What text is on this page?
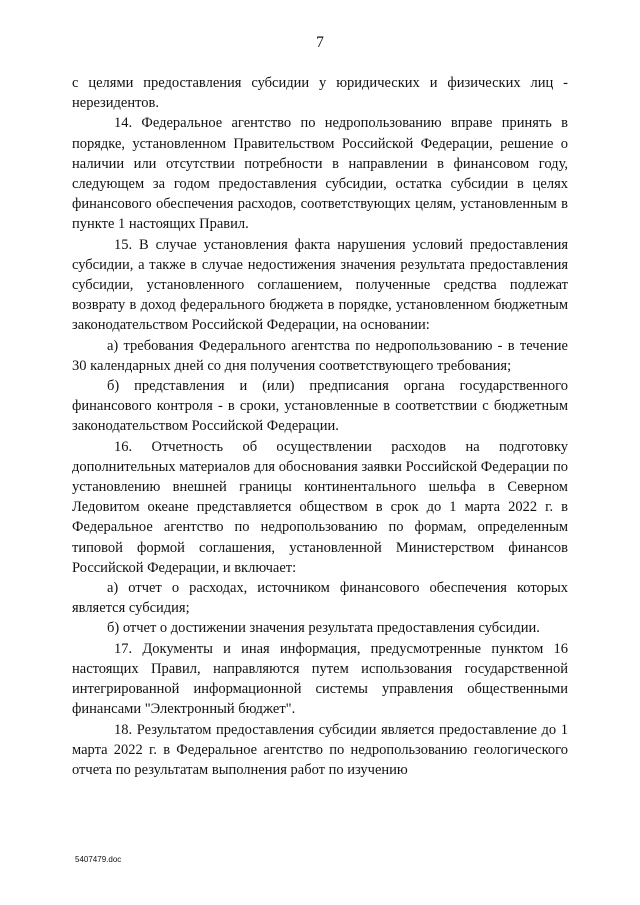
7

с целями предоставления субсидии у юридических и физических лиц - нерезидентов.

14. Федеральное агентство по недропользованию вправе принять в порядке, установленном Правительством Российской Федерации, решение о наличии или отсутствии потребности в направлении в финансовом году, следующем за годом предоставления субсидии, остатка субсидии в целях финансового обеспечения расходов, соответствующих целям, установленным в пункте 1 настоящих Правил.

15. В случае установления факта нарушения условий предоставления субсидии, а также в случае недостижения значения результата предоставления субсидии, установленного соглашением, полученные средства подлежат возврату в доход федерального бюджета в порядке, установленном бюджетным законодательством Российской Федерации, на основании:

а) требования Федерального агентства по недропользованию - в течение 30 календарных дней со дня получения соответствующего требования;

б) представления и (или) предписания органа государственного финансового контроля - в сроки, установленные в соответствии с бюджетным законодательством Российской Федерации.

16. Отчетность об осуществлении расходов на подготовку дополнительных материалов для обоснования заявки Российской Федерации по установлению внешней границы континентального шельфа в Северном Ледовитом океане представляется обществом в срок до 1 марта 2022 г. в Федеральное агентство по недропользованию по формам, определенным типовой формой соглашения, установленной Министерством финансов Российской Федерации, и включает:

а) отчет о расходах, источником финансового обеспечения которых является субсидия;

б) отчет о достижении значения результата предоставления субсидии.

17. Документы и иная информация, предусмотренные пунктом 16 настоящих Правил, направляются путем использования государственной интегрированной информационной системы управления общественными финансами "Электронный бюджет".

18. Результатом предоставления субсидии является предоставление до 1 марта 2022 г. в Федеральное агентство по недропользованию геологического отчета по результатам выполнения работ по изучению

5407479.doc
